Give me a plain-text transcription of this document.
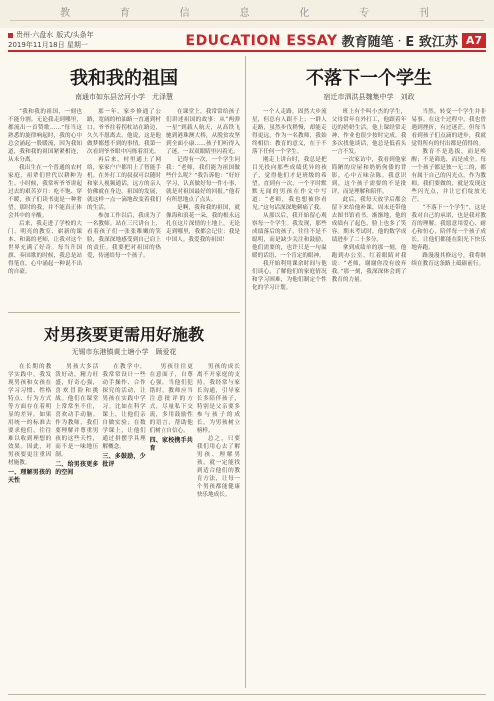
教	育	信	息	化	专	刊
贵州·六盘水 版式/头条年
2019年11月18日 星期一	EDUCATION ESSAY 教育随笔 · E 致江苏 A7
我和我的祖国
南通市如东县岔河小学　尤泽慧

“我和我的祖国，一刻也不能分割。无论我走到哪里，都流出一首赞歌……”每当这熟悉的旋律响起时，我的心中总会涌起一股暖流，因为我知道，我和我的祖国紧紧相连，从未分离。

我出生在一个普通的农村家庭，祖辈们世代以耕种为生。小时候，我常听爷爷讲起过去的艰苦岁月：吃不饱、穿不暖，孩子们读书更是一种奢望。那时的我，并不能真正体会其中的辛酸。

后来，我走进了学校的大门。明亮的教室、崭新的课本、和蔼的老师，让我对这个世界充满了好奇。每当升国旗、奏国歌的时候，我总是站得笔直，心中涌起一种说不出的自豪。

那一年，家乡修通了公路，宽阔的柏油路一直通到村口。爷爷拄着拐杖站在路边，久久不愿离去。他说，这是他做梦都想不到的事情。我第一次看到爷爷眼中闪烁着泪光。

再后来，村里通上了网络，家家户户都用上了智能手机。在外打工的叔叔可以随时和家人视频通话，远方的亲人仿佛就在身边。祖国的发展，就这样一点一滴地改变着我们的生活。

参加工作以后，我成为了一名教师。站在三尺讲台上，看着孩子们一张张稚嫩的笑脸，我深深地感受到自己肩上的责任。我要把对祖国的热爱，传递给每一个孩子。

在课堂上，我常常给孩子们讲述祖国的故事：从“两弹一星”到载人航天，从高铁飞驰到港珠澳大桥，从脱贫攻坚到全面小康……孩子们听得入了迷，一双双眼睛里闪着光。

记得有一次，一个学生问我：“老师，我们能为祖国做些什么呢？”我告诉他：“好好学习，认真做好每一件小事，就是对祖国最好的回报。”他若有所思地点了点头。

是啊，我和我的祖国，就像海和浪花一朵，我的根永远扎在这片深情的土地上。无论走到哪里，我都会记住：我是中国人。我爱我的祖国！

不落下一个学生
宿迁市泗洪县魏集中学　刘政

一个人走路，固然大步流星，但总有人跟不上；一群人走路，虽然步伐稍慢，却能走得更远。作为一名教师，我始终相信：教育的意义，在于不落下任何一个学生。

刚走上讲台时，我总是把目光投向那些成绩优异的孩子，觉得他们才是班级的希望。直到有一次，一个平时默默无闻的男孩在作文中写道：“老师，我也想被你看见。”这句话深深地刺痛了我。

从那以后，我开始留心观察每一个学生。我发现，那些成绩落后的孩子，往往不是不聪明，而是缺少关注和鼓励。他们需要的，也许只是一句温暖的话语、一个肯定的眼神。

我开始利用课余时间与他们谈心，了解他们的家庭情况和学习困难，为他们制定个性化的学习计划。

班上有个叫小杰的学生，父母常年在外打工，他跟着年迈的奶奶生活。他上课经常走神，作业也很少按时完成。我多次找他谈话，他总是低着头一言不发。

一次家访中，我看到他家简陋的房屋和奶奶佝偻的背影，心中五味杂陈。我意识到，这个孩子需要的不是批评，而是理解和陪伴。

此后，我每天放学后都会留下来给他补课，周末还带他去图书馆看书。渐渐地，他的成绩有了起色，脸上也多了笑容。期末考试时，他的数学成绩进步了二十多分。

拿到成绩单的那一刻，他跑到办公室，红着眼睛对我说：“老师，谢谢你没有放弃我。”那一刻，我深深体会到了教育的力量。

当然，转变一个学生并非易事。在这个过程中，我也曾遇到挫折，有过迷茫。但每当看到孩子们点滴的进步，我就觉得所有的付出都是值得的。

教育不是选拔，而是唤醒；不是筛选，而是成全。每一个孩子都是独一无二的，都有属于自己的闪光点。作为教师，我们要做的，就是发现这些闪光点，并让它们绽放光芒。

“不落下一个学生”，这是我对自己的承诺，也是我对教育的理解。我愿意用爱心、耐心和恒心，陪伴每一个孩子成长，让他们都能在阳光下快乐地奔跑。

路漫漫其修远兮，我将继续在教育这条路上砥砺前行。

对男孩要更需用好施教
无锡市东港镇黄土塘小学　顾爱花

在长期的教学实践中，我发现男孩和女孩在学习习惯、性格特点、行为方式等方面存在着明显的差异。如果用统一的标准去要求他们，往往难以收到理想的效果。因此，对男孩要更注重因材施教。

一、理解男孩的天性

男孩大多活泼好动，精力旺盛，好奇心强，喜欢冒险和挑战。他们在课堂上常常坐不住，喜欢动手动脑。作为教师，我们要理解并尊重男孩的这些天性，而不是一味地压制。

二、给男孩更多的空间

在教学中，我常常设计一些动手操作、合作探究的活动，让男孩在实践中学习。比如在科学课上，让他们亲自做实验；在数学课上，让他们通过拼摆学具理解概念。

三、多鼓励，少批评

男孩往往更在意面子，自尊心强。当他们犯错时，教师应当注意批评的方式，尽量私下交流，多用鼓励性的语言，帮助他们树立自信心。

四、家校携手共育

男孩的成长离不开家庭的支持。我经常与家长沟通，引导家长多陪伴孩子，特别是父亲要多参与孩子的成长，为男孩树立榜样。

总之，只要我们用心去了解男孩、理解男孩，就一定能找到适合他们的教育方法，让每一个男孩都能健康快乐地成长。
